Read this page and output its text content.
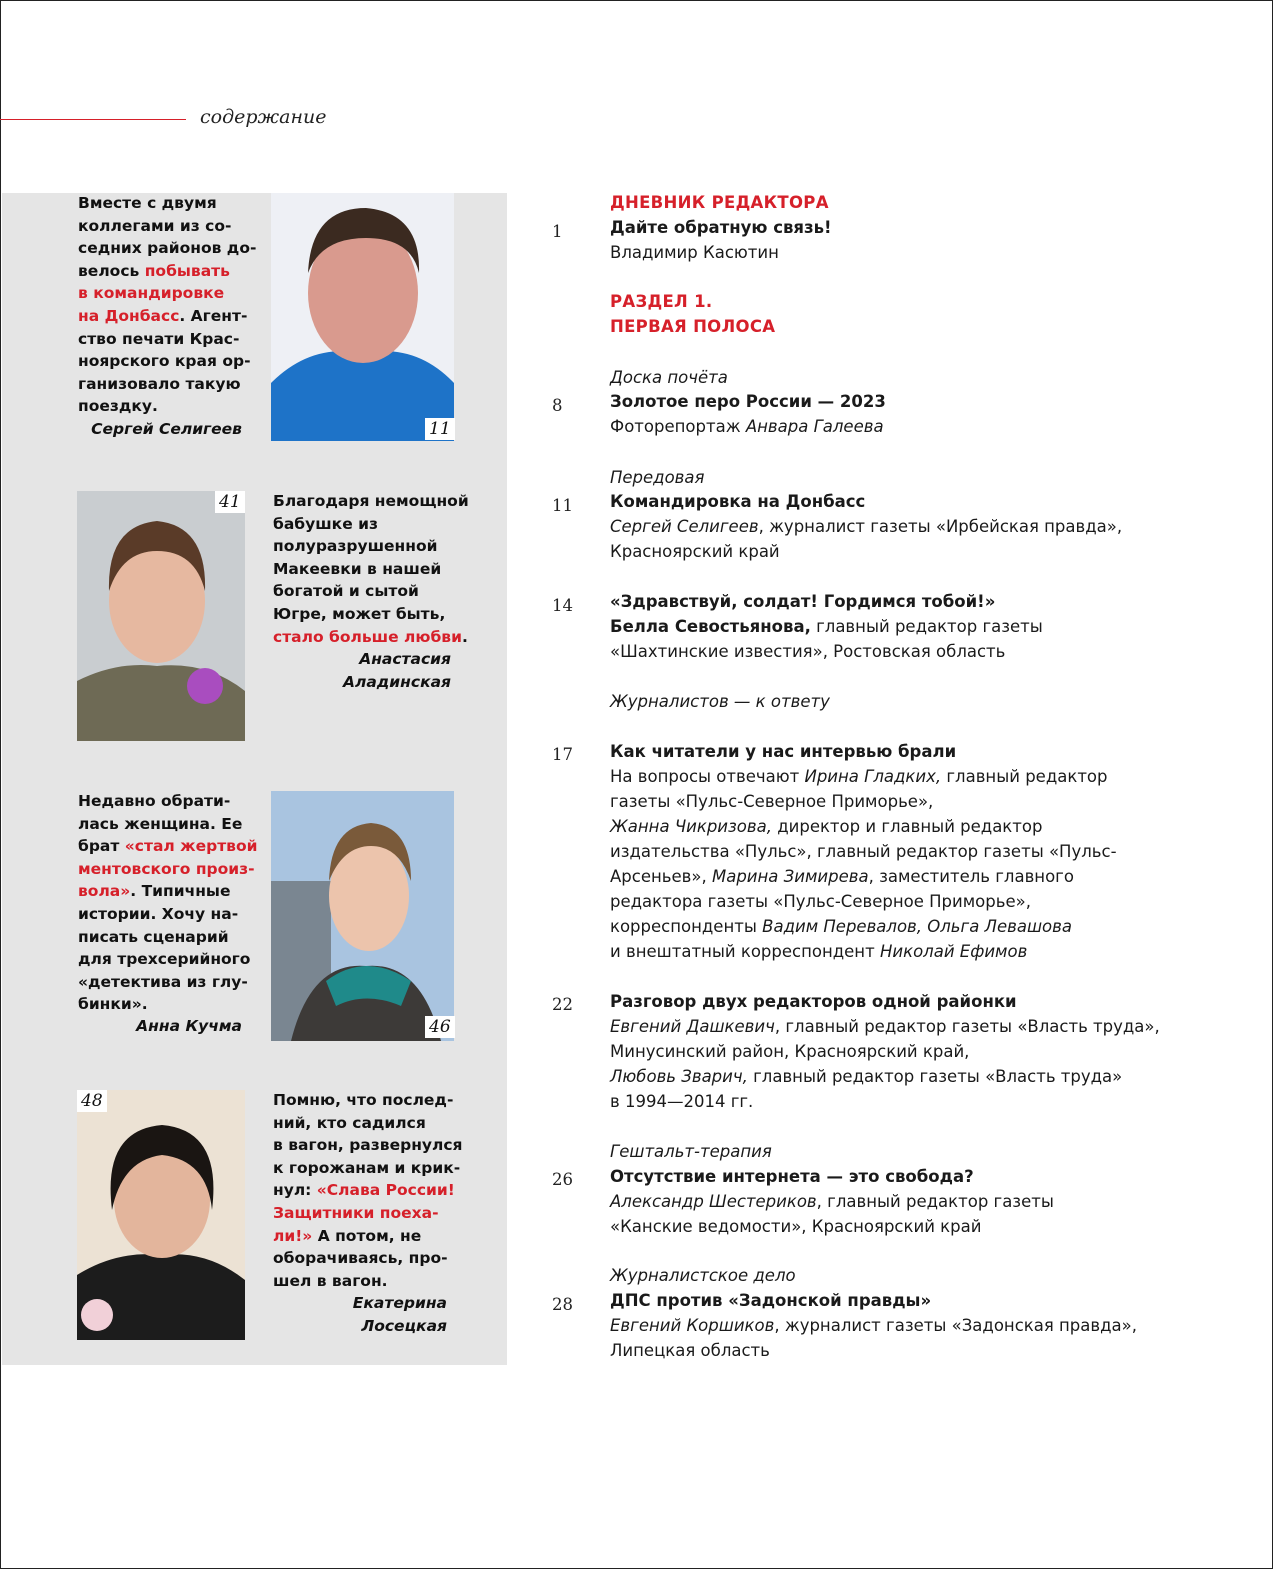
содержание
Вместе с двумя
коллегами из со-
седних районов до-
велось побывать
в командировке
на Донбасс. Агент-
ство печати Крас-
ноярского края ор-
ганизовало такую
поездку.
Сергей Селигеев	11
41 Благодаря немощной
бабушке из
полуразрушенной
Макеевки в нашей
богатой и сытой
Югре, может быть,
стало больше любви.
Анастасия
Аладинская
Недавно обрати-
лась женщина. Ее
брат «стал жертвой
ментовского произ-
вола». Типичные
истории. Хочу на-
писать сценарий
для трехсерийного
«детектива из глу-
бинки».
Анна Кучма	46
48	Помню, что послед-
ний, кто садился
в вагон, развернулся
к горожанам и крик-
нул: «Слава России!
Защитники поеха-
ли!» А потом, не
оборачиваясь, про-
шел в вагон.
Екатерина
Лосецкая
ДНЕВНИК РЕДАКТОРА
1	Дайте обратную связь!
Владимир Касютин
РАЗДЕЛ 1.
ПЕРВАЯ ПОЛОСА
Доска почёта
8	Золотое перо России — 2023
Фоторепортаж Анвара Галеева
Передовая
11 Командировка на Донбасс
Сергей Селигеев, журналист газеты «Ирбейская правда»,
Красноярский край
14 «Здравствуй, солдат! Гордимся тобой!»
Белла Севостьянова, главный редактор газеты
«Шахтинские известия», Ростовская область
Журналистов — к ответу
17 Как читатели у нас интервью брали
На вопросы отвечают Ирина Гладких, главный редактор
газеты «Пульс-Северное Приморье»,
Жанна Чикризова, директор и главный редактор
издательства «Пульс», главный редактор газеты «Пульс-
Арсеньев», Марина Зимирева, заместитель главного
редактора газеты «Пульс-Северное Приморье»,
корреспонденты Вадим Перевалов, Ольга Левашова
и внештатный корреспондент Николай Ефимов
22 Разговор двух редакторов одной районки
Евгений Дашкевич, главный редактор газеты «Власть труда»,
Минусинский район, Красноярский край,
Любовь Зварич, главный редактор газеты «Власть труда»
в 1994—2014 гг.
Гештальт-терапия
26 Отсутствие интернета — это свобода?
Александр Шестериков, главный редактор газеты
«Канские ведомости», Красноярский край
Журналистское дело
28 ДПС против «Задонской правды»
Евгений Коршиков, журналист газеты «Задонская правда»,
Липецкая область
